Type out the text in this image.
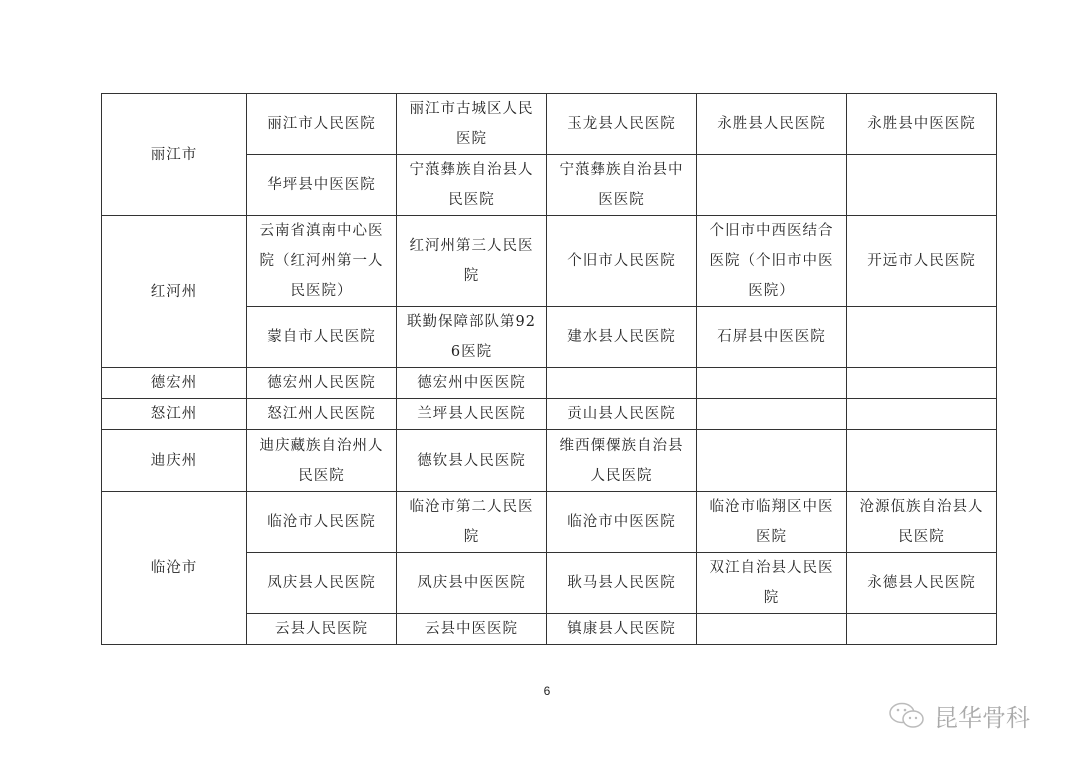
丽江市	丽江市人民医院	丽江市古城区人民医院	玉龙县人民医院	永胜县人民医院	永胜县中医医院
	华坪县中医医院	宁蒗彝族自治县人民医院	宁蒗彝族自治县中医医院		
红河州	云南省滇南中心医院（红河州第一人民医院）	红河州第三人民医院	个旧市人民医院	个旧市中西医结合医院（个旧市中医医院）	开远市人民医院
	蒙自市人民医院	联勤保障部队第926医院	建水县人民医院	石屏县中医医院	
德宏州	德宏州人民医院	德宏州中医医院			
怒江州	怒江州人民医院	兰坪县人民医院	贡山县人民医院		
迪庆州	迪庆藏族自治州人民医院	德钦县人民医院	维西傈僳族自治县人民医院		
临沧市	临沧市人民医院	临沧市第二人民医院	临沧市中医医院	临沧市临翔区中医医院	沧源佤族自治县人民医院
	凤庆县人民医院	凤庆县中医医院	耿马县人民医院	双江自治县人民医院	永德县人民医院
	云县人民医院	云县中医医院	镇康县人民医院		
6
昆华骨科
